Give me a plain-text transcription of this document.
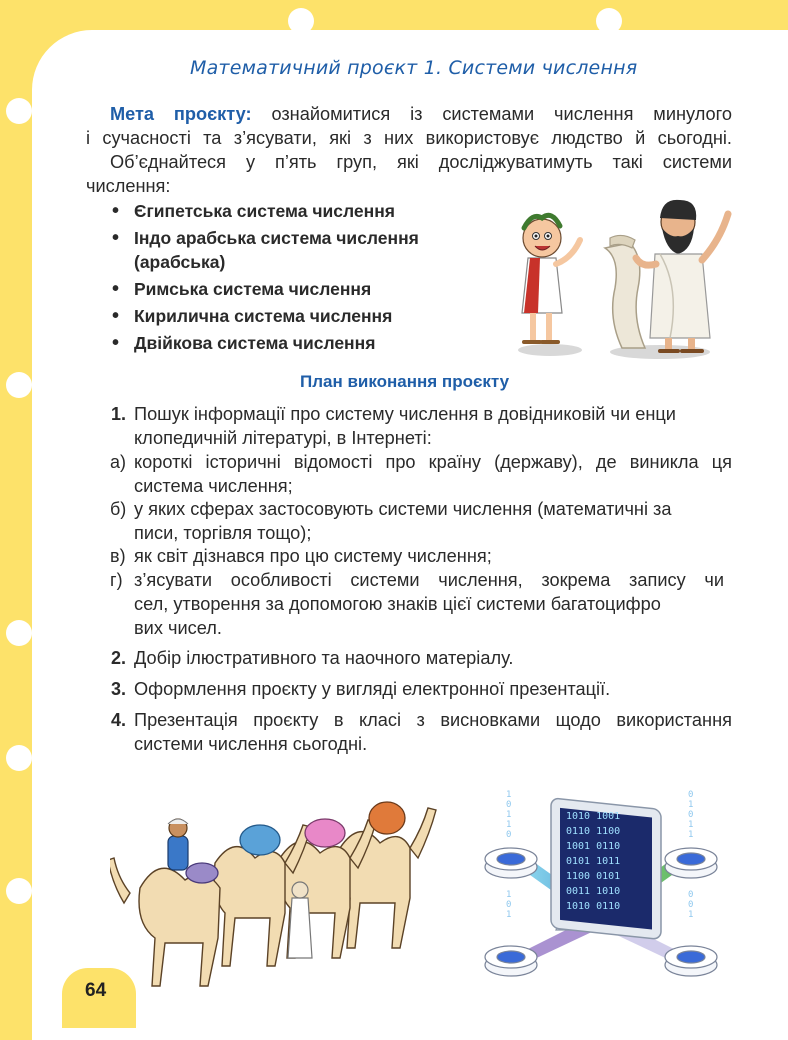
Математичний проєкт 1. Системи числення
Мета проєкту: ознайомитися із системами числення минулого
і сучасності та з’ясувати, які з них використовує людство й сьогодні.
Об’єднайтеся у п’ять груп, які досліджуватимуть такі системи
числення:
• Єгипетська система числення
• Індо арабська система числення
(арабська)
• Римська система числення
• Кирилична система числення
• Двійкова система числення
План виконання проєкту
1. Пошук інформації про систему числення в довідниковій чи енци
клопедичній літературі, в Інтернеті:
а) короткі історичні відомості про країну (державу), де виникла ця
система числення;
б) у яких сферах застосовують системи числення (математичні за
писи, торгівля тощо);
в) як світ дізнався про цю систему числення;
г) з’ясувати особливості системи числення, зокрема запису чи
сел, утворення за допомогою знаків цієї системи багатоцифро
вих чисел.
2. Добір ілюстративного та наочного матеріалу.
3. Оформлення проєкту у вигляді електронної презентації.
4. Презентація проєкту в класі з висновками щодо використання
системи числення сьогодні.
1010 1001
0110 1100
1001 0110
0101 1011
1100 0101
0011 1010
1010 0110
1
0
1
1
0
1
0
1
0
1
0
1
1
0
0
1
64
